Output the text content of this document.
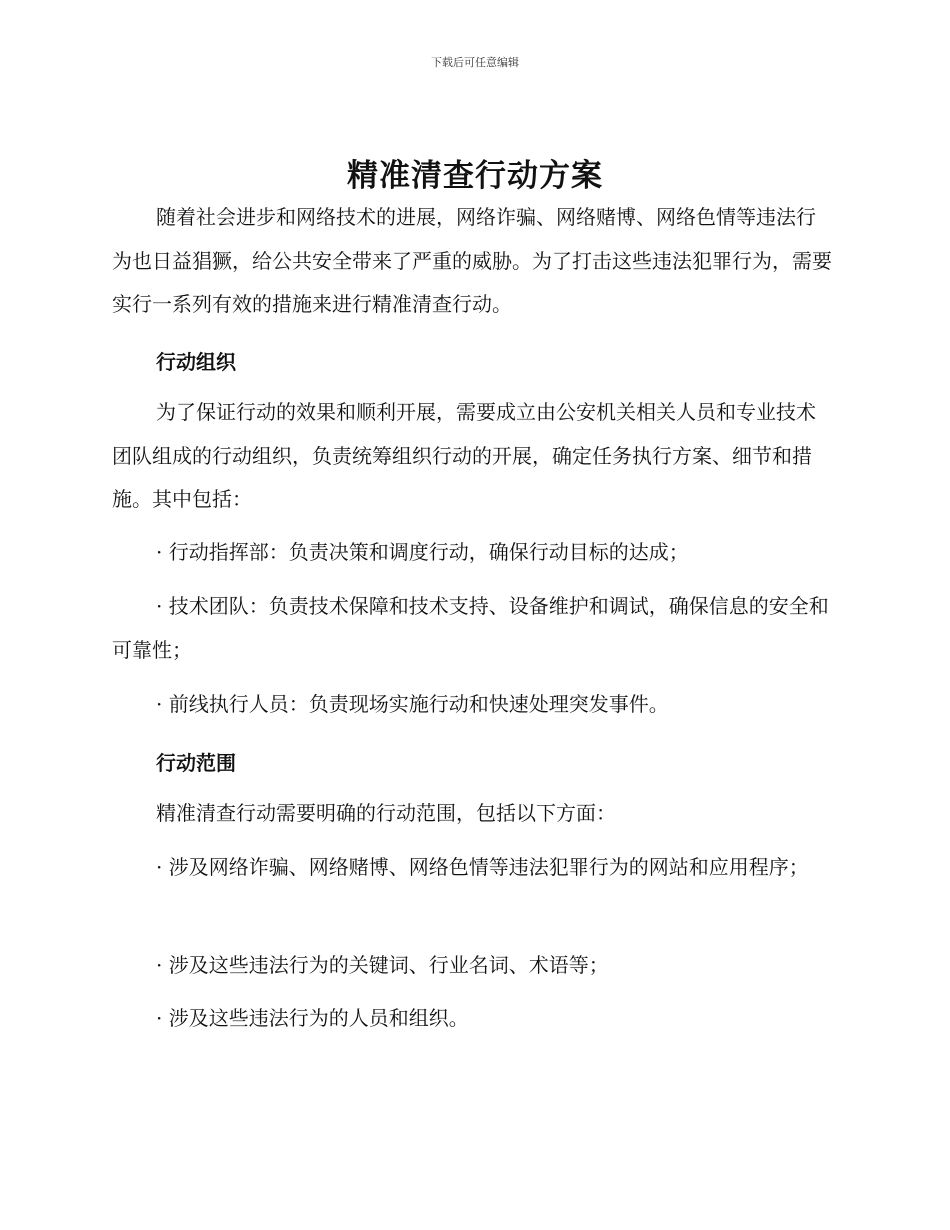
下载后可任意编辑
精准清查行动方案

随着社会进步和网络技术的进展，网络诈骗、网络赌博、网络色情等违法行为也日益猖獗，给公共安全带来了严重的威胁。为了打击这些违法犯罪行为，需要实行一系列有效的措施来进行精准清查行动。

行动组织

为了保证行动的效果和顺利开展，需要成立由公安机关相关人员和专业技术团队组成的行动组织，负责统筹组织行动的开展，确定任务执行方案、细节和措施。其中包括：

· 行动指挥部：负责决策和调度行动，确保行动目标的达成；

· 技术团队：负责技术保障和技术支持、设备维护和调试，确保信息的安全和可靠性；

· 前线执行人员：负责现场实施行动和快速处理突发事件。

行动范围

精准清查行动需要明确的行动范围，包括以下方面：

· 涉及网络诈骗、网络赌博、网络色情等违法犯罪行为的网站和应用程序；

· 涉及这些违法行为的关键词、行业名词、术语等；

· 涉及这些违法行为的人员和组织。
